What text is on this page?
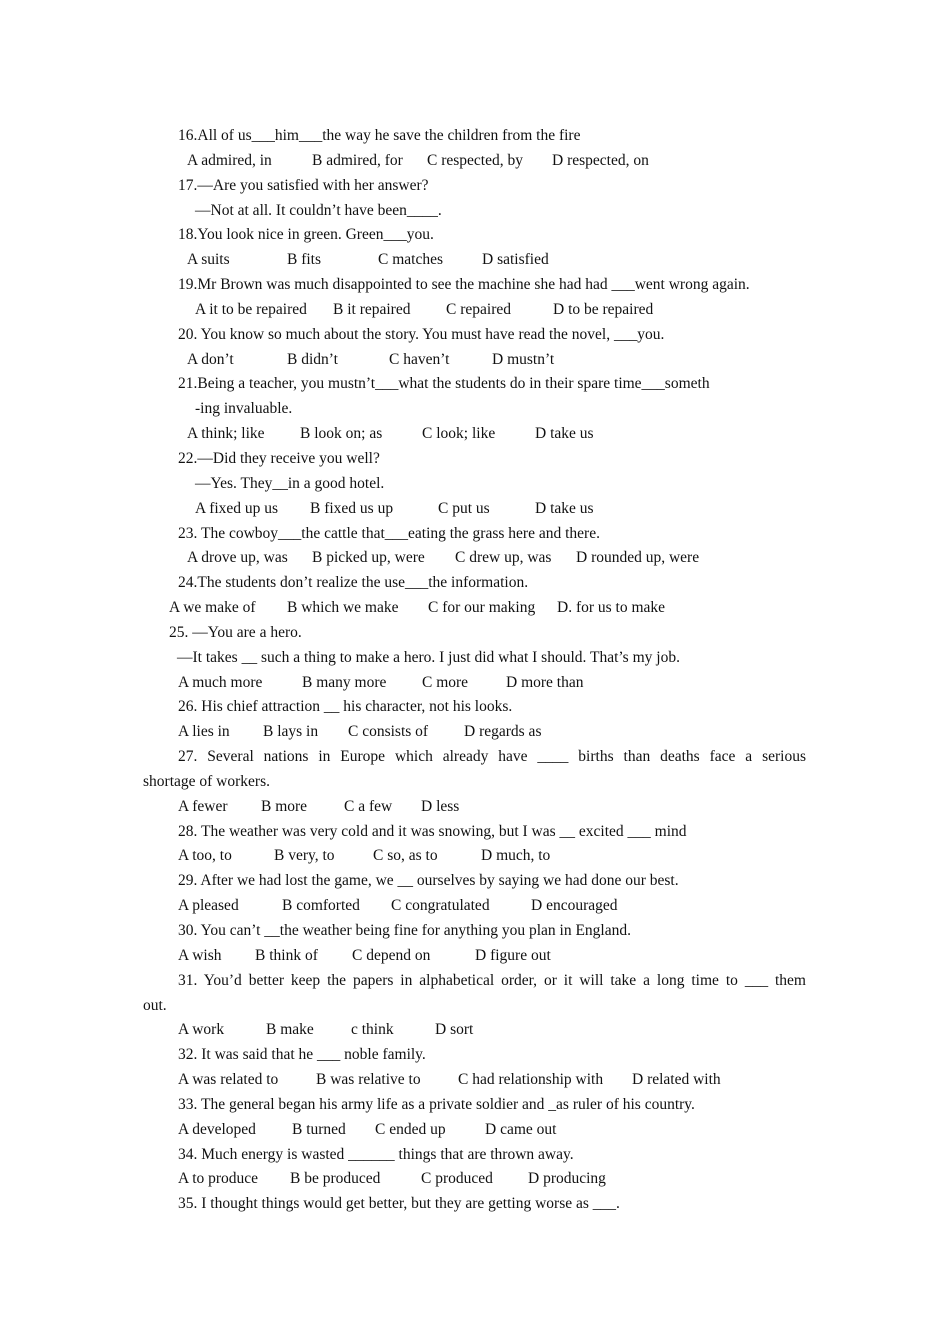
16.All of us___him___the way he save the children from the fire

A admired, in

	B admired, for

C respected, by

D respected, on

17.—Are you satisfied with her answer?
—Not at all. It couldn’t have been____.
18.You look nice in green. Green___you.

A suits

	B fits

	C matches

	D satisfied

19.Mr Brown was much disappointed to see the machine she had had ___went wrong again.

A it to be repaired

B it repaired

C repaired

	D to be repaired

20. You know so much about the story. You must have read the novel, ___you.

A don’t

	B didn’t

	C haven’t

	D mustn’t

21.Being a teacher, you mustn’t___what the students do in their spare time___someth
-ing invaluable.

A think; like

B look on; as

	C look; like

	D take us

22.—Did they receive you well?
—Yes. They__in a good hotel.

A fixed up us

B fixed us up

	C put us

	D take us

23. The cowboy___the cattle that___eating the grass here and there.

A drove up, was

B picked up, were

C drew up, was

D rounded up, were

24.The students don’t realize the use___the information.

A we make of

B which we make

C for our making

D. for us to make

25. —You are a hero.
—It takes __ such a thing to make a hero. I just did what I should. That’s my job.

A much more

	B many more

C more

D more than

26. His chief attraction __ his character, not his looks.

A lies in

B lays in

C consists of

D regards as

27. Several nations in Europe which already have ____ births than deaths face a serious
shortage of workers.

A fewer

B more

C a few

D less

28. The weather was very cold and it was snowing, but I was __ excited ___ mind

A too, to

	B very, to

C so, as to

	D much, to

29. After we had lost the game, we __ ourselves by saying we had done our best.

A pleased

	B comforted

C congratulated

	D encouraged

30. You can’t __the weather being fine for anything you plan in England.

A wish

B think of

C depend on

	D figure out

31. You’d better keep the papers in alphabetical order, or it will take a long time to ___ them
out.

A work

	B make

c think

	D sort

32. It was said that he ___ noble family.

A was related to

B was relative to

C had relationship with

D related with

33. The general began his army life as a private soldier and _as ruler of his country.

A developed

B turned

C ended up

	D came out

34. Much energy is wasted ______ things that are thrown away.

A to produce

B be produced

	C produced

D producing

35. I thought things would get better, but they are getting worse as ___.
